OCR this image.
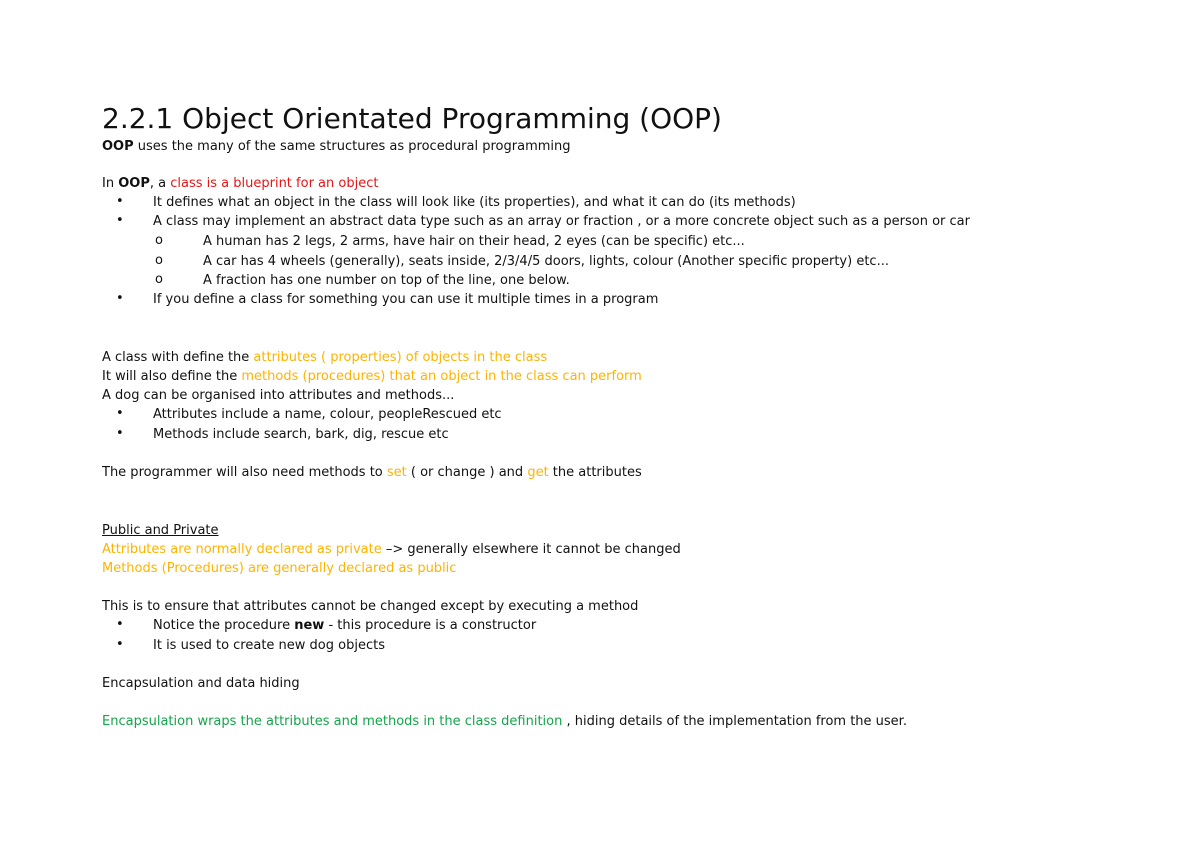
2.2.1 Object Orientated Programming (OOP)
OOP uses the many of the same structures as procedural programming
In OOP, a class is a blueprint for an object
• It defines what an object in the class will look like (its properties), and what it can do (its methods)
• A class may implement an abstract data type such as an array or fraction , or a more concrete object such as a person or car
o	A human has 2 legs, 2 arms, have hair on their head, 2 eyes (can be specific) etc...
o	A car has 4 wheels (generally), seats inside, 2/3/4/5 doors, lights, colour (Another specific property) etc...
o	A fraction has one number on top of the line, one below.
• If you define a class for something you can use it multiple times in a program
A class with define the attributes ( properties) of objects in the class
It will also define the methods (procedures) that an object in the class can perform
A dog can be organised into attributes and methods...
• Attributes include a name, colour, peopleRescued etc
• Methods include search, bark, dig, rescue etc
The programmer will also need methods to set ( or change ) and get the attributes
Public and Private
Attributes are normally declared as private –> generally elsewhere it cannot be changed
Methods (Procedures) are generally declared as public
This is to ensure that attributes cannot be changed except by executing a method
• Notice the procedure new - this procedure is a constructor
• It is used to create new dog objects
Encapsulation and data hiding
Encapsulation wraps the attributes and methods in the class definition , hiding details of the implementation from the user.
